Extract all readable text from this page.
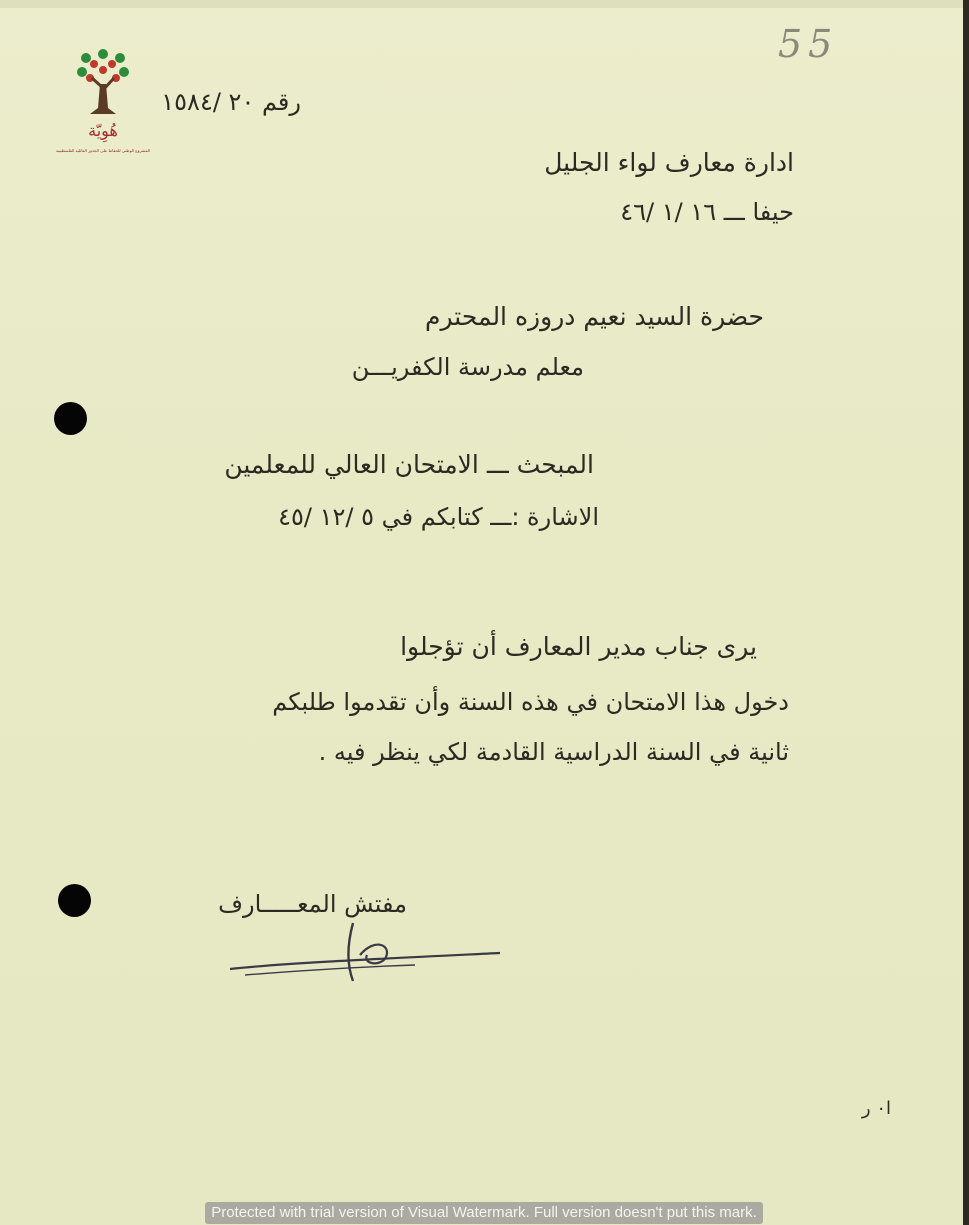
هُوِيّة
المشروع الوطني للحفاظ على الجذور العائلية الفلسطينية
55
رقم ٢٠ /١٥٨٤
ادارة معارف لواء الجليل
حيفا ـــ ١٦ /١ /٤٦
حضرة السيد نعيم دروزه المحترم
معلم مدرسة الكفريـــن
المبحث ـــ الامتحان العالي للمعلمين
الاشارة :ـــ كتابكم في ٥ /١٢ /٤٥
يرى جناب مدير المعارف أن تؤجلوا
دخول هذا الامتحان في هذه السنة وأن تقدموا طلبكم
ثانية في السنة الدراسية القادمة لكي ينظر فيه .
مفتش المعـــــارف
ا٠ ر
Protected with trial version of Visual Watermark. Full version doesn't put this mark.
